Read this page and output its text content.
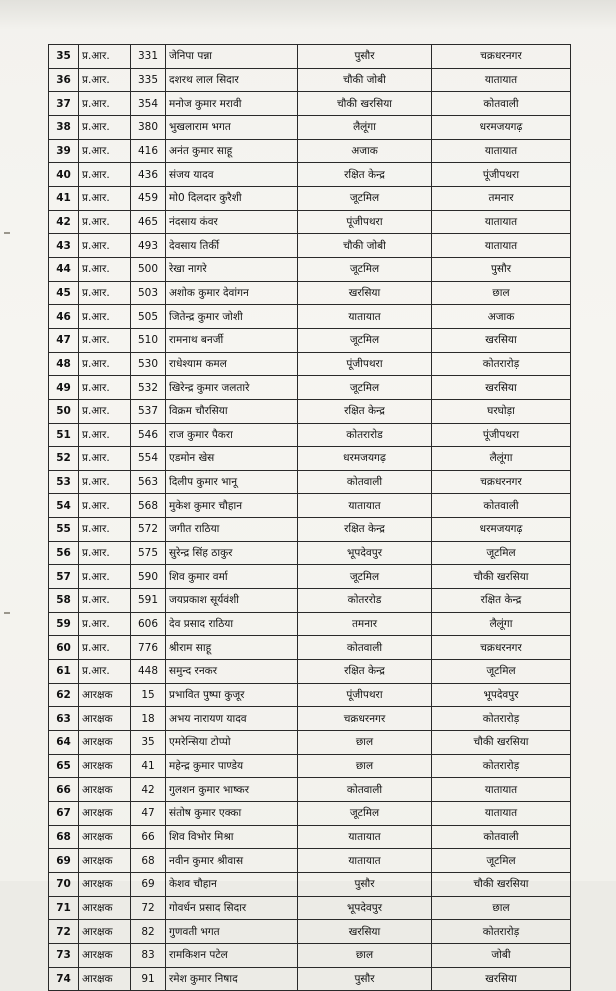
35	प्र.आर.	331	जेनिपा पन्ना	पुसौर	चक्रधरनगर
36	प्र.आर.	335	दशरथ लाल सिदार	चौकी जोबी	यातायात
37	प्र.आर.	354	मनोज कुमार मरावी	चौकी खरसिया	कोतवाली
38	प्र.आर.	380	भुखलाराम भगत	लैलूंगा	धरमजयगढ़
39	प्र.आर.	416	अनंत कुमार साहू	अजाक	यातायात
40	प्र.आर.	436	संजय यादव	रक्षित केन्द्र	पूंजीपथरा
41	प्र.आर.	459	मो0 दिलदार कुरैशी	जूटमिल	तमनार
42	प्र.आर.	465	नंदसाय कंवर	पूंजीपथरा	यातायात
43	प्र.आर.	493	देवसाय तिर्की	चौकी जोबी	यातायात
44	प्र.आर.	500	रेखा नागरे	जूटमिल	पुसौर
45	प्र.आर.	503	अशोक कुमार देवांगन	खरसिया	छाल
46	प्र.आर.	505	जितेन्द्र कुमार जोशी	यातायात	अजाक
47	प्र.आर.	510	रामनाथ बनर्जी	जूटमिल	खरसिया
48	प्र.आर.	530	राधेश्याम कमल	पूंजीपथरा	कोतरारोड़
49	प्र.आर.	532	खिरेन्द्र कुमार जलतारे	जूटमिल	खरसिया
50	प्र.आर.	537	विक्रम चौरसिया	रक्षित केन्द्र	घरघोड़ा
51	प्र.आर.	546	राज कुमार पैकरा	कोतरारोड	पूंजीपथरा
52	प्र.आर.	554	एडमोन खेस	धरमजयगढ़	लैलूंगा
53	प्र.आर.	563	दिलीप कुमार भानू	कोतवाली	चक्रधरनगर
54	प्र.आर.	568	मुकेश कुमार चौहान	यातायात	कोतवाली
55	प्र.आर.	572	जगीत राठिया	रक्षित केन्द्र	धरमजयगढ़
56	प्र.आर.	575	सुरेन्द्र सिंह ठाकुर	भूपदेवपुर	जूटमिल
57	प्र.आर.	590	शिव कुमार वर्मा	जूटमिल	चौकी खरसिया
58	प्र.आर.	591	जयप्रकाश सूर्यवंशी	कोतररोड	रक्षित केन्द्र
59	प्र.आर.	606	देव प्रसाद राठिया	तमनार	लैलूंगा
60	प्र.आर.	776	श्रीराम साहू	कोतवाली	चक्रधरनगर
61	प्र.आर.	448	समुन्द रनकर	रक्षित केन्द्र	जूटमिल
62	आरक्षक	15	प्रभावित पुष्पा कुजूर	पूंजीपथरा	भूपदेवपुर
63	आरक्षक	18	अभय नारायण यादव	चक्रधरनगर	कोतरारोड़
64	आरक्षक	35	एमरेन्सिया टोप्पो	छाल	चौकी खरसिया
65	आरक्षक	41	महेन्द्र कुमार पाण्डेय	छाल	कोतरारोड़
66	आरक्षक	42	गुलशन कुमार भाष्कर	कोतवाली	यातायात
67	आरक्षक	47	संतोष कुमार एक्का	जूटमिल	यातायात
68	आरक्षक	66	शिव विभोर मिश्रा	यातायात	कोतवाली
69	आरक्षक	68	नवीन कुमार श्रीवास	यातायात	जूटमिल
70	आरक्षक	69	केशव चौहान	पुसौर	चौकी खरसिया
71	आरक्षक	72	गोवर्धन प्रसाद सिदार	भूपदेवपुर	छाल
72	आरक्षक	82	गुणवती भगत	खरसिया	कोतरारोड़
73	आरक्षक	83	रामकिशन पटेल	छाल	जोबी
74	आरक्षक	91	रमेश कुमार निषाद	पुसौर	खरसिया
